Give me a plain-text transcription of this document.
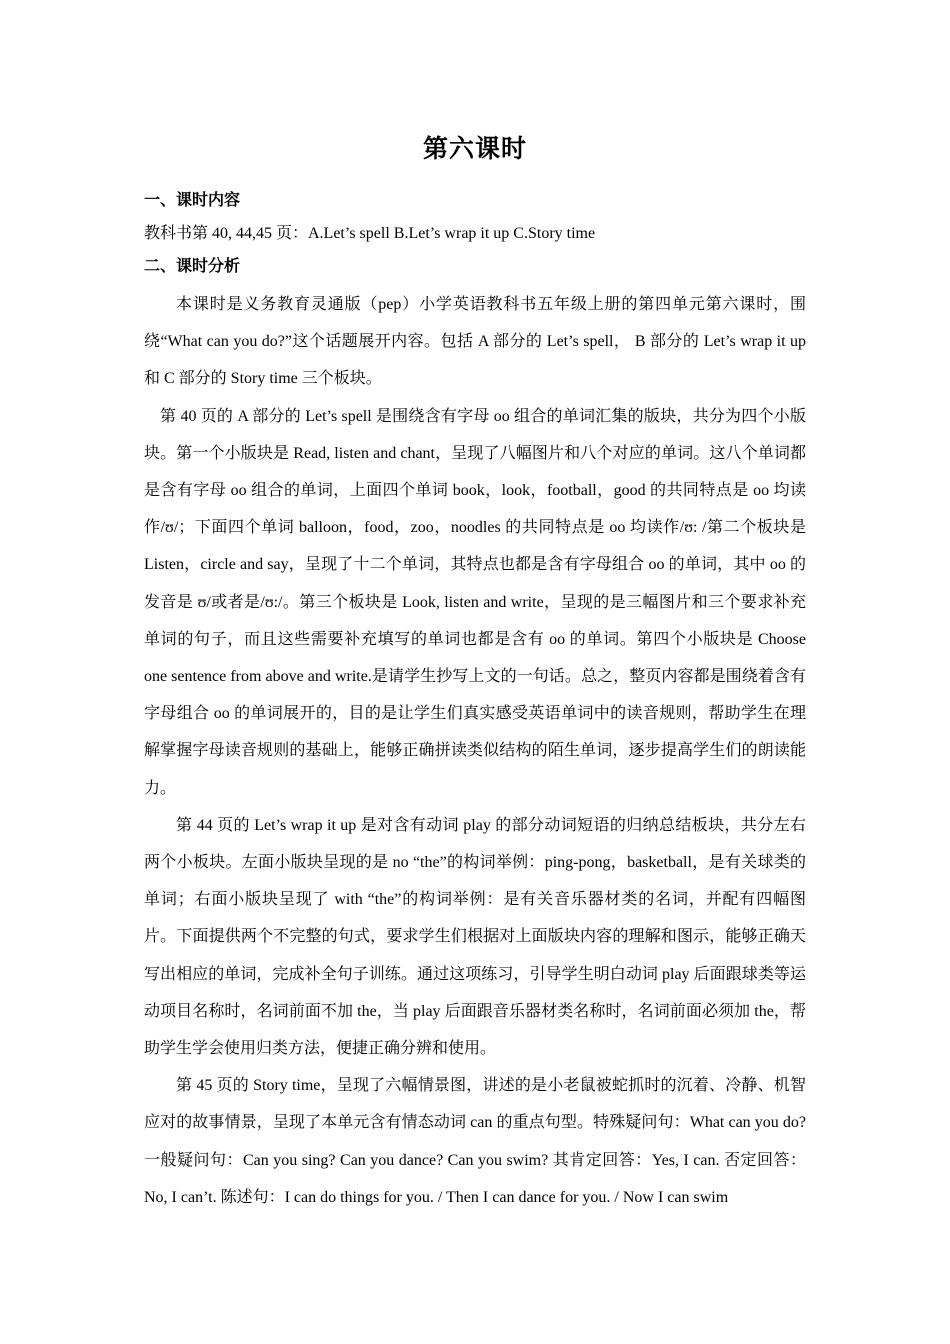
第六课时
一、课时内容
教科书第 40, 44,45 页：A.Let’s spell B.Let’s wrap it up C.Story time
二、课时分析

本课时是义务教育灵通版（pep）小学英语教科书五年级上册的第四单元第六课时，围绕“What can you do?”这个话题展开内容。包括 A 部分的 Let’s spell， B 部分的 Let’s wrap it up 和 C 部分的 Story time 三个板块。

第 40 页的 A 部分的 Let’s spell 是围绕含有字母 oo 组合的单词汇集的版块，共分为四个小版块。第一个小版块是 Read, listen and chant，呈现了八幅图片和八个对应的单词。这八个单词都是含有字母 oo 组合的单词，上面四个单词 book，look，football，good 的共同特点是 oo 均读作/ʊ/；下面四个单词 balloon，food，zoo，noodles 的共同特点是 oo 均读作/ʊ: /第二个板块是 Listen，circle and say，呈现了十二个单词，其特点也都是含有字母组合 oo 的单词，其中 oo 的发音是 ʊ/或者是/ʊ:/。第三个板块是 Look, listen and write，呈现的是三幅图片和三个要求补充单词的句子，而且这些需要补充填写的单词也都是含有 oo 的单词。第四个小版块是 Choose one sentence from above and write.是请学生抄写上文的一句话。总之，整页内容都是围绕着含有字母组合 oo 的单词展开的，目的是让学生们真实感受英语单词中的读音规则，帮助学生在理解掌握字母读音规则的基础上，能够正确拼读类似结构的陌生单词，逐步提高学生们的朗读能力。

第 44 页的 Let’s wrap it up 是对含有动词 play 的部分动词短语的归纳总结板块，共分左右两个小板块。左面小版块呈现的是 no “the”的构词举例：ping-pong，basketball，是有关球类的单词；右面小版块呈现了 with “the”的构词举例：是有关音乐器材类的名词，并配有四幅图片。下面提供两个不完整的句式，要求学生们根据对上面版块内容的理解和图示，能够正确天写出相应的单词，完成补全句子训练。通过这项练习，引导学生明白动词 play 后面跟球类等运动项目名称时，名词前面不加 the，当 play 后面跟音乐器材类名称时，名词前面必须加 the，帮助学生学会使用归类方法，便捷正确分辨和使用。

第 45 页的 Story time，呈现了六幅情景图，讲述的是小老鼠被蛇抓时的沉着、冷静、机智应对的故事情景，呈现了本单元含有情态动词 can 的重点句型。特殊疑问句：What can you do? 一般疑问句：Can you sing? Can you dance? Can you swim? 其肯定回答：Yes, I can. 否定回答：No, I can’t. 陈述句：I can do things for you. / Then I can dance for you. / Now I can swim
